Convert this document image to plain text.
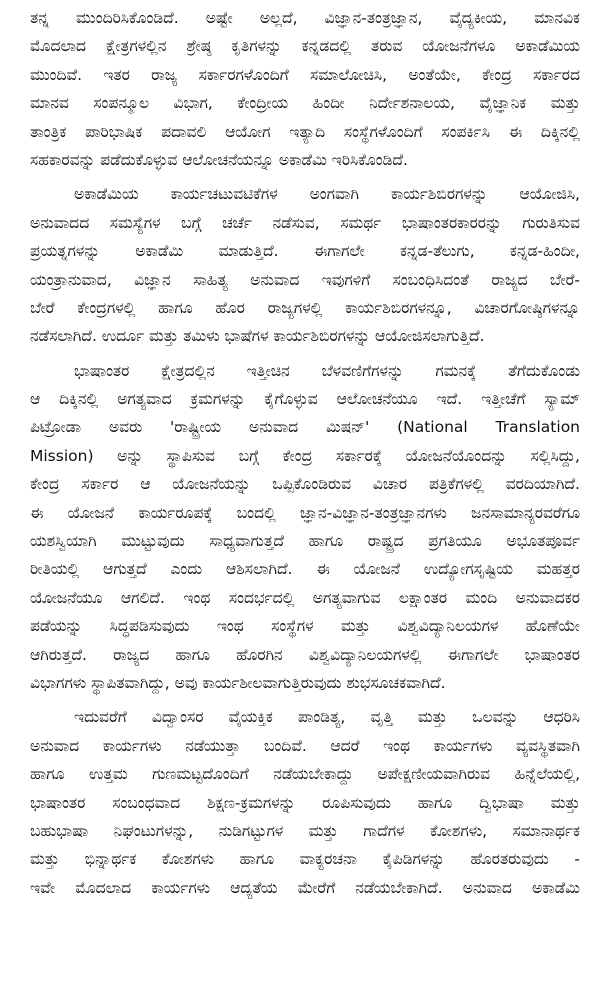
ತನ್ನ ಮುಂದಿರಿಸಿಕೊಂಡಿದೆ. ಅಷ್ಟೇ ಅಲ್ಲದೆ, ವಿಜ್ಞಾನ-ತಂತ್ರಜ್ಞಾನ, ವೈದ್ಯಕೀಯ, ಮಾನವಿಕ
ಮೊದಲಾದ ಕ್ಷೇತ್ರಗಳಲ್ಲಿನ ಶ್ರೇಷ್ಠ ಕೃತಿಗಳನ್ನು ಕನ್ನಡದಲ್ಲಿ ತರುವ ಯೋಜನೆಗಳೂ ಅಕಾಡೆಮಿಯ
ಮುಂದಿವೆ. ಇತರ ರಾಜ್ಯ ಸರ್ಕಾರಗಳೊಂದಿಗೆ ಸಮಾಲೋಚಿಸಿ, ಅಂತೆಯೇ, ಕೇಂದ್ರ ಸರ್ಕಾರದ
ಮಾನವ ಸಂಪನ್ಮೂಲ ವಿಭಾಗ, ಕೇಂದ್ರೀಯ ಹಿಂದೀ ನಿರ್ದೇಶನಾಲಯ, ವೈಜ್ಞಾನಿಕ ಮತ್ತು
ತಾಂತ್ರಿಕ ಪಾರಿಭಾಷಿಕ ಪದಾವಲಿ ಆಯೋಗ ಇತ್ಯಾದಿ ಸಂಸ್ಥೆಗಳೊಂದಿಗೆ ಸಂಪರ್ಕಿಸಿ ಈ ದಿಕ್ಕಿನಲ್ಲಿ
ಸಹಕಾರವನ್ನು ಪಡೆದುಕೊಳ್ಳುವ ಆಲೋಚನೆಯನ್ನೂ ಅಕಾಡೆಮಿ ಇರಿಸಿಕೊಂಡಿದೆ.
ಅಕಾಡೆಮಿಯ ಕಾರ್ಯಚಟುವಟಿಕೆಗಳ ಅಂಗವಾಗಿ ಕಾರ್ಯಶಿಬಿರಗಳನ್ನು ಆಯೋಜಿಸಿ,
ಅನುವಾದದ ಸಮಸ್ಯೆಗಳ ಬಗ್ಗೆ ಚರ್ಚೆ ನಡೆಸುವ, ಸಮರ್ಥ ಭಾಷಾಂತರಕಾರರನ್ನು ಗುರುತಿಸುವ
ಪ್ರಯತ್ನಗಳನ್ನು ಅಕಾಡೆಮಿ ಮಾಡುತ್ತಿದೆ. ಈಗಾಗಲೇ ಕನ್ನಡ-ತೆಲುಗು, ಕನ್ನಡ-ಹಿಂದೀ,
ಯಂತ್ರಾನುವಾದ, ವಿಜ್ಞಾನ ಸಾಹಿತ್ಯ ಅನುವಾದ ಇವುಗಳಿಗೆ ಸಂಬಂಧಿಸಿದಂತೆ ರಾಜ್ಯದ ಬೇರೆ-
ಬೇರೆ ಕೇಂದ್ರಗಳಲ್ಲಿ ಹಾಗೂ ಹೊರ ರಾಜ್ಯಗಳಲ್ಲಿ ಕಾರ್ಯಶಿಬಿರಗಳನ್ನೂ, ವಿಚಾರಗೋಷ್ಠಿಗಳನ್ನೂ
ನಡೆಸಲಾಗಿದೆ. ಉರ್ದೂ ಮತ್ತು ತಮಿಳು ಭಾಷೆಗಳ ಕಾರ್ಯಶಿಬಿರಗಳನ್ನು ಆಯೋಜಿಸಲಾಗುತ್ತಿದೆ.
ಭಾಷಾಂತರ ಕ್ಷೇತ್ರದಲ್ಲಿನ ಇತ್ತೀಚಿನ ಬೆಳವಣಿಗೆಗಳನ್ನು ಗಮನಕ್ಕೆ ತೆಗೆದುಕೊಂಡು
ಆ ದಿಕ್ಕಿನಲ್ಲಿ ಅಗತ್ಯವಾದ ಕ್ರಮಗಳನ್ನು ಕೈಗೊಳ್ಳುವ ಆಲೋಚನೆಯೂ ಇದೆ. ಇತ್ತೀಚೆಗೆ ಸ್ಯಾಮ್
ಪಿಟ್ರೋಡಾ ಅವರು 'ರಾಷ್ಟ್ರೀಯ ಅನುವಾದ ಮಿಷನ್' (National Translation
Mission) ಅನ್ನು ಸ್ಥಾಪಿಸುವ ಬಗ್ಗೆ ಕೇಂದ್ರ ಸರ್ಕಾರಕ್ಕೆ ಯೋಜನೆಯೊಂದನ್ನು ಸಲ್ಲಿಸಿದ್ದು,
ಕೇಂದ್ರ ಸರ್ಕಾರ ಆ ಯೋಜನೆಯನ್ನು ಒಪ್ಪಿಕೊಂಡಿರುವ ವಿಚಾರ ಪತ್ರಿಕೆಗಳಲ್ಲಿ ವರದಿಯಾಗಿದೆ.
ಈ ಯೋಜನೆ ಕಾರ್ಯರೂಪಕ್ಕೆ ಬಂದಲ್ಲಿ ಜ್ಞಾನ-ವಿಜ್ಞಾನ-ತಂತ್ರಜ್ಞಾನಗಳು ಜನಸಾಮಾನ್ಯರವರೆಗೂ
ಯಶಸ್ವಿಯಾಗಿ ಮುಟ್ಟುವುದು ಸಾಧ್ಯವಾಗುತ್ತದೆ ಹಾಗೂ ರಾಷ್ಟ್ರದ ಪ್ರಗತಿಯೂ ಅಭೂತಪೂರ್ವ
ರೀತಿಯಲ್ಲಿ ಆಗುತ್ತದೆ ಎಂದು ಆಶಿಸಲಾಗಿದೆ. ಈ ಯೋಜನೆ ಉದ್ಯೋಗಸೃಷ್ಟಿಯ ಮಹತ್ತರ
ಯೋಜನೆಯೂ ಆಗಲಿದೆ. ಇಂಥ ಸಂದರ್ಭದಲ್ಲಿ ಅಗತ್ಯವಾಗುವ ಲಕ್ಷಾಂತರ ಮಂದಿ ಅನುವಾದಕರ
ಪಡೆಯನ್ನು ಸಿದ್ಧಪಡಿಸುವುದು ಇಂಥ ಸಂಸ್ಥೆಗಳ ಮತ್ತು ವಿಶ್ವವಿದ್ಯಾನಿಲಯಗಳ ಹೊಣೆಯೇ
ಆಗಿರುತ್ತದೆ. ರಾಜ್ಯದ ಹಾಗೂ ಹೊರಗಿನ ವಿಶ್ವವಿದ್ಯಾನಿಲಯಗಳಲ್ಲಿ ಈಗಾಗಲೇ ಭಾಷಾಂತರ
ವಿಭಾಗಗಳು ಸ್ಥಾಪಿತವಾಗಿದ್ದು, ಅವು ಕಾರ್ಯಶೀಲವಾಗುತ್ತಿರುವುದು ಶುಭಸೂಚಕವಾಗಿದೆ.
ಇದುವರೆಗೆ ವಿದ್ವಾಂಸರ ವೈಯಕ್ತಿಕ ಪಾಂಡಿತ್ಯ, ವೃತ್ತಿ ಮತ್ತು ಒಲವನ್ನು ಆಧರಿಸಿ
ಅನುವಾದ ಕಾರ್ಯಗಳು ನಡೆಯುತ್ತಾ ಬಂದಿವೆ. ಆದರೆ ಇಂಥ ಕಾರ್ಯಗಳು ವ್ಯವಸ್ಥಿತವಾಗಿ
ಹಾಗೂ ಉತ್ತಮ ಗುಣಮಟ್ಟದೊಂದಿಗೆ ನಡೆಯಬೇಕಾದ್ದು ಅಪೇಕ್ಷಣೀಯವಾಗಿರುವ ಹಿನ್ನೆಲೆಯಲ್ಲಿ,
ಭಾಷಾಂತರ ಸಂಬಂಧವಾದ ಶಿಕ್ಷಣ-ಕ್ರಮಗಳನ್ನು ರೂಪಿಸುವುದು ಹಾಗೂ ದ್ವಿಭಾಷಾ ಮತ್ತು
ಬಹುಭಾಷಾ ನಿಘಂಟುಗಳನ್ನು, ನುಡಿಗಟ್ಟುಗಳ ಮತ್ತು ಗಾದೆಗಳ ಕೋಶಗಳು, ಸಮಾನಾರ್ಥಕ
ಮತ್ತು ಭಿನ್ನಾರ್ಥಕ ಕೋಶಗಳು ಹಾಗೂ ವಾಕ್ಯರಚನಾ ಕೈಪಿಡಿಗಳನ್ನು ಹೊರತರುವುದು -
ಇವೇ ಮೊದಲಾದ ಕಾರ್ಯಗಳು ಆದ್ಯತೆಯ ಮೇರೆಗೆ ನಡೆಯಬೇಕಾಗಿದೆ. ಅನುವಾದ ಅಕಾಡೆಮಿ
